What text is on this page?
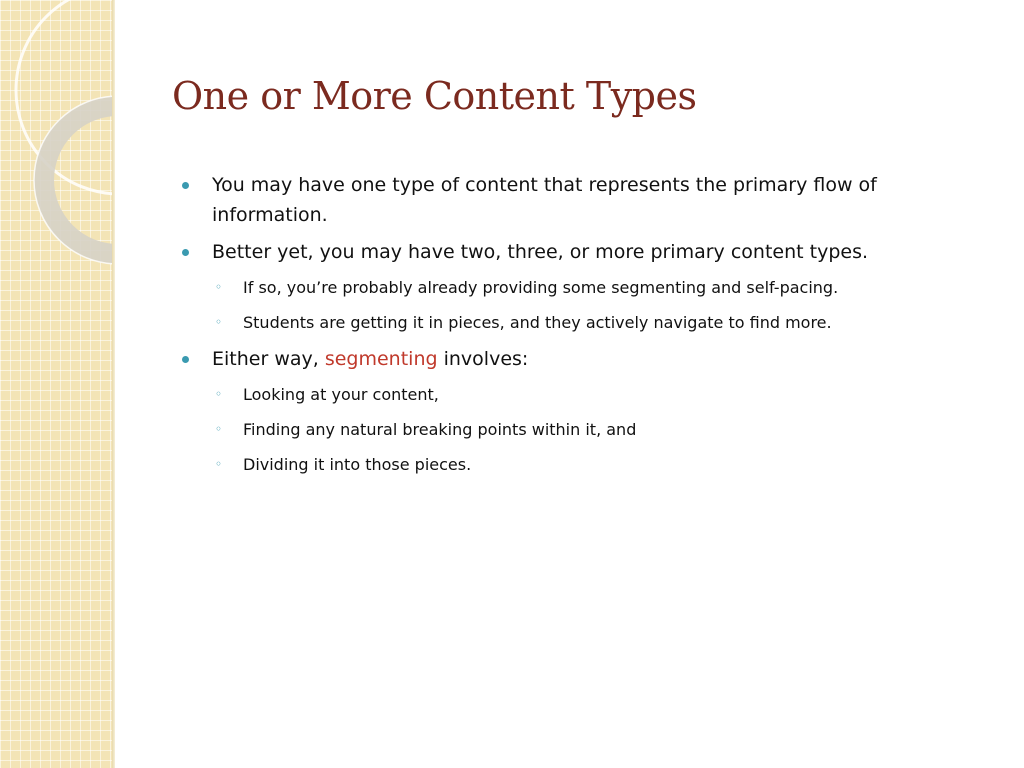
One or More Content Types
You may have one type of content that represents the primary flow of information.
Better yet, you may have two, three, or more primary content types.
◦ If so, you’re probably already providing some segmenting and self-pacing.
◦ Students are getting it in pieces, and they actively navigate to find more.
Either way, segmenting involves:
◦ Looking at your content,
◦ Finding any natural breaking points within it, and
◦ Dividing it into those pieces.
